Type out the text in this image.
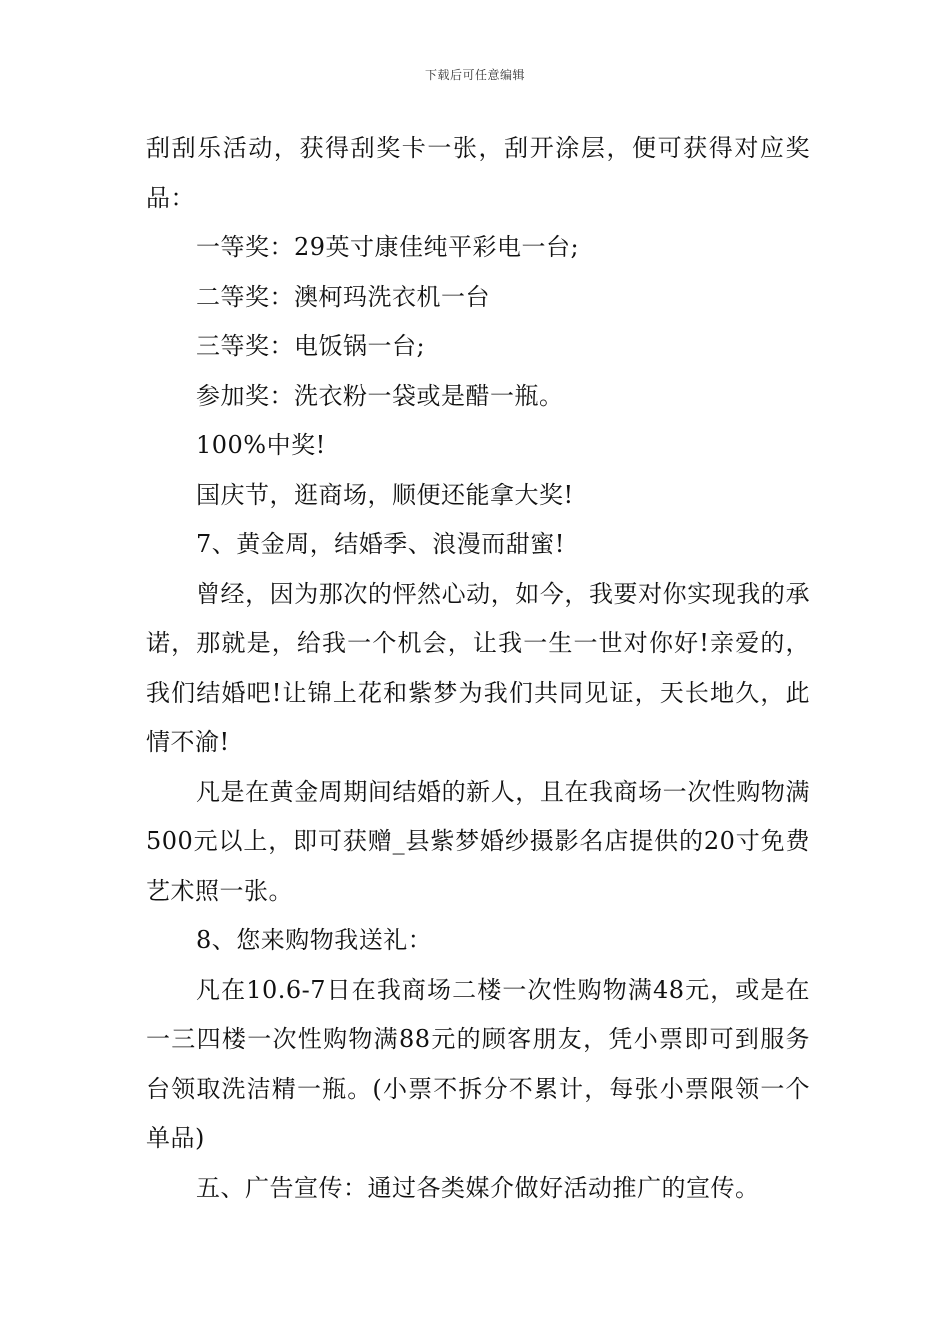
下载后可任意编辑

刮刮乐活动，获得刮奖卡一张，刮开涂层，便可获得对应奖品：

一等奖：29英寸康佳纯平彩电一台;

二等奖：澳柯玛洗衣机一台

三等奖：电饭锅一台;

参加奖：洗衣粉一袋或是醋一瓶。

100%中奖!

国庆节，逛商场，顺便还能拿大奖!

7、黄金周，结婚季、浪漫而甜蜜!

曾经，因为那次的怦然心动，如今，我要对你实现我的承诺，那就是，给我一个机会，让我一生一世对你好!亲爱的，我们结婚吧!让锦上花和紫梦为我们共同见证，天长地久，此情不渝!

凡是在黄金周期间结婚的新人，且在我商场一次性购物满500元以上，即可获赠_县紫梦婚纱摄影名店提供的20寸免费艺术照一张。

8、您来购物我送礼：

凡在10.6-7日在我商场二楼一次性购物满48元，或是在一三四楼一次性购物满88元的顾客朋友，凭小票即可到服务台领取洗洁精一瓶。(小票不拆分不累计，每张小票限领一个单品)

五、广告宣传：通过各类媒介做好活动推广的宣传。
